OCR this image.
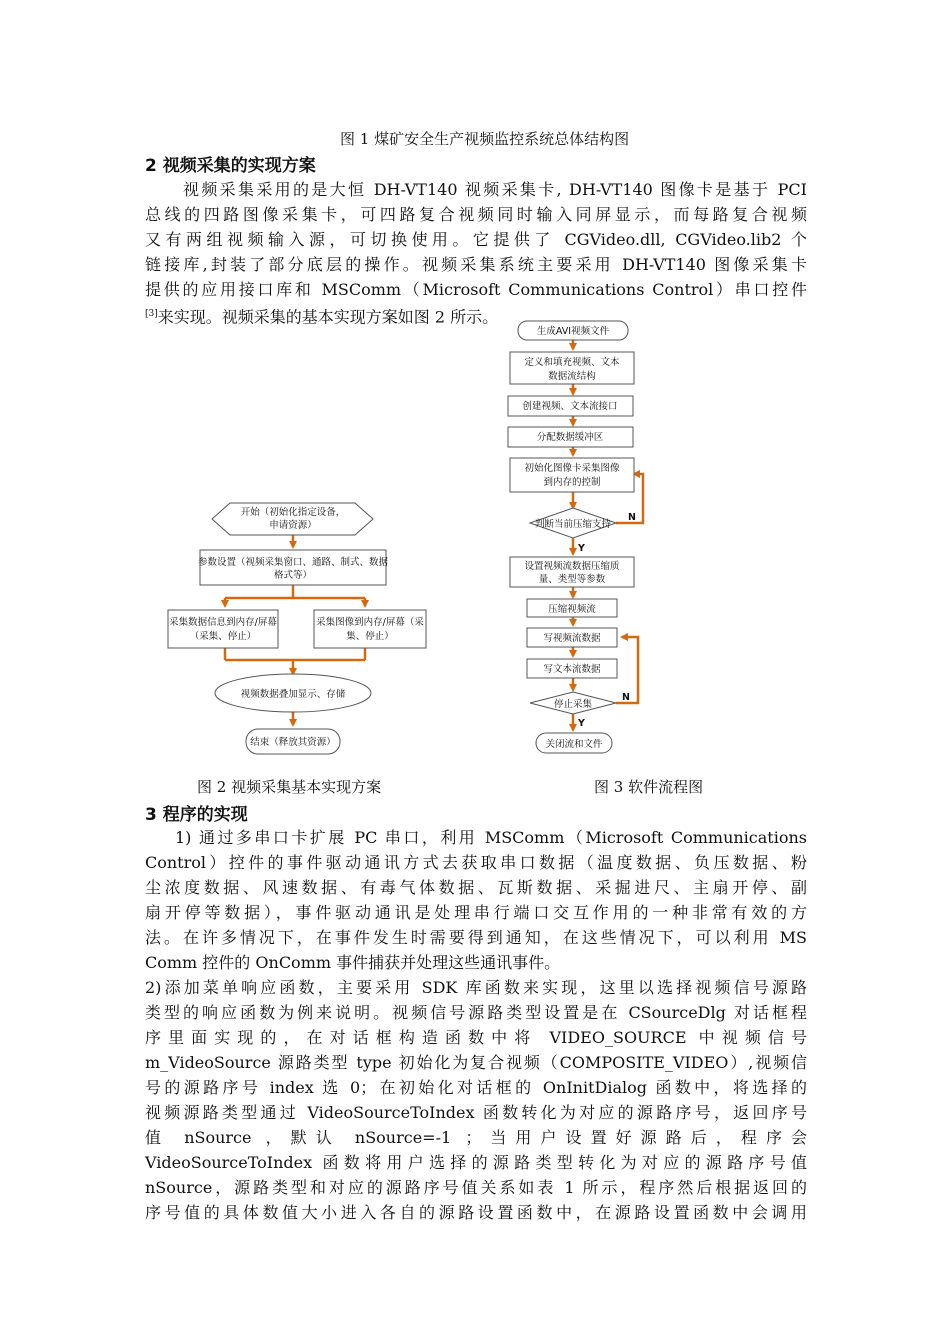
图 1 煤矿安全生产视频监控系统总体结构图
2 视频采集的实现方案
视频采集采用的是大恒 DH-VT140 视频采集卡, DH-VT140 图像卡是基于 PCI
总线的四路图像采集卡，可四路复合视频同时输入同屏显示，而每路复合视频
又有两组视频输入源，可切换使用。它提供了 CGVideo.dll, CGVideo.lib2 个
链接库,封装了部分底层的操作。视频采集系统主要采用 DH-VT140 图像采集卡
提供的应用接口库和 MSComm（Microsoft Communications Control）串口控件
[3]来实现。视频采集的基本实现方案如图 2 所示。
开始（初始化指定设备，
申请资源）
参数设置（视频采集窗口、通路、制式、数据
格式等）
采集数据信息到内存/屏幕
（采集、停止）
采集图像到内存/屏幕（采
集、停止）
视频数据叠加显示、存储
结束（释放其资源）
生成AVI视频文件
定义和填充视频、文本
数据流结构
创建视频、文本流接口
分配数据缓冲区
初始化图像卡采集图像
到内存的控制
判断当前压缩支持
设置视频流数据压缩质
量、类型等参数
压缩视频流
写视频流数据
写文本流数据
停止采集
关闭流和文件
Y
N
Y
N
图 2 视频采集基本实现方案	图 3 软件流程图
3 程序的实现
1) 通过多串口卡扩展 PC 串口，利用 MSComm（Microsoft Communications
Control）控件的事件驱动通讯方式去获取串口数据（温度数据、负压数据、粉
尘浓度数据、风速数据、有毒气体数据、瓦斯数据、采掘进尺、主扇开停、副
扇开停等数据），事件驱动通讯是处理串行端口交互作用的一种非常有效的方
法。在许多情况下，在事件发生时需要得到通知，在这些情况下，可以利用 MS
Comm 控件的 OnComm 事件捕获并处理这些通讯事件。
2)添加菜单响应函数，主要采用 SDK 库函数来实现，这里以选择视频信号源路
类型的响应函数为例来说明。视频信号源路类型设置是在 CSourceDlg 对话框程
序里面实现的，在对话框构造函数中将 VIDEO_SOURCE 中视频信号
m_VideoSource 源路类型 type 初始化为复合视频（COMPOSITE_VIDEO）,视频信
号的源路序号 index 选 0；在初始化对话框的 OnInitDialog 函数中，将选择的
视频源路类型通过 VideoSourceToIndex 函数转化为对应的源路序号，返回序号
值 nSource ，默认 nSource=-1 ；当用户设置好源路后，程序会
VideoSourceToIndex 函数将用户选择的源路类型转化为对应的源路序号值
nSource，源路类型和对应的源路序号值关系如表 1 所示，程序然后根据返回的
序号值的具体数值大小进入各自的源路设置函数中，在源路设置函数中会调用
